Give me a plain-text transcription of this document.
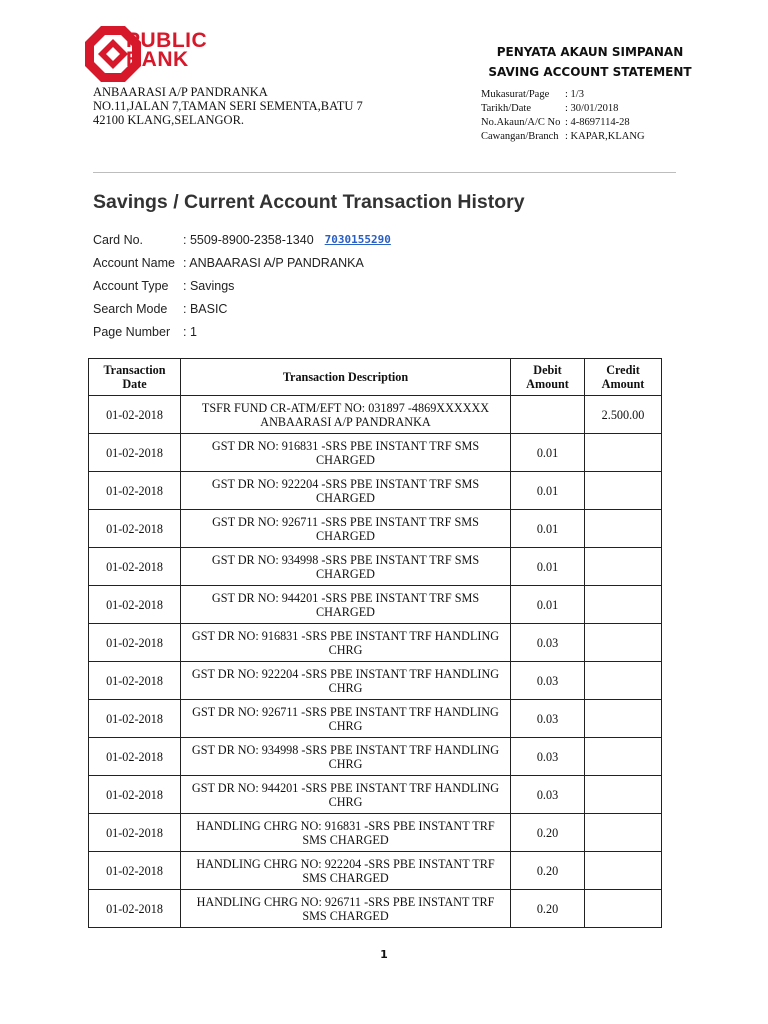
PUBLIC
BANK	PENYATA AKAUN SIMPANAN
SAVING ACCOUNT STATEMENT
ANBAARASI A/P PANDRANKA
NO.11,JALAN 7,TAMAN SERI SEMENTA,BATU 7
42100 KLANG,SELANGOR.
Mukasurat/Page	: 1/3
Tarikh/Date	: 30/01/2018
No.Akaun/A/C No : 4-8697114-28
Cawangan/Branch : KAPAR,KLANG
Savings / Current Account Transaction History
Card No.	: 5509-8900-2358-1340 7030155290
Account Name : ANBAARASI A/P PANDRANKA
Account Type	: Savings
Search Mode	: BASIC
Page Number	: 1
Transaction Date	Transaction Description	Debit Amount	Credit Amount

01-02-2018	TSFR FUND CR-ATM/EFT NO: 031897 -4869XXXXXX
ANBAARASI A/P PANDRANKA		2.500.00

01-02-2018	GST DR NO: 916831 -SRS PBE INSTANT TRF SMS
CHARGED	0.01	

01-02-2018	GST DR NO: 922204 -SRS PBE INSTANT TRF SMS
CHARGED	0.01	

01-02-2018	GST DR NO: 926711 -SRS PBE INSTANT TRF SMS
CHARGED	0.01	

01-02-2018	GST DR NO: 934998 -SRS PBE INSTANT TRF SMS
CHARGED	0.01	

01-02-2018	GST DR NO: 944201 -SRS PBE INSTANT TRF SMS
CHARGED	0.01	

01-02-2018	GST DR NO: 916831 -SRS PBE INSTANT TRF HANDLING
CHRG	0.03	

01-02-2018	GST DR NO: 922204 -SRS PBE INSTANT TRF HANDLING
CHRG	0.03	

01-02-2018	GST DR NO: 926711 -SRS PBE INSTANT TRF HANDLING
CHRG	0.03	

01-02-2018	GST DR NO: 934998 -SRS PBE INSTANT TRF HANDLING
CHRG	0.03	

01-02-2018	GST DR NO: 944201 -SRS PBE INSTANT TRF HANDLING
CHRG	0.03	

01-02-2018	HANDLING CHRG NO: 916831 -SRS PBE INSTANT TRF
SMS CHARGED	0.20	

01-02-2018	HANDLING CHRG NO: 922204 -SRS PBE INSTANT TRF
SMS CHARGED	0.20	

01-02-2018	HANDLING CHRG NO: 926711 -SRS PBE INSTANT TRF
SMS CHARGED	0.20	

1
